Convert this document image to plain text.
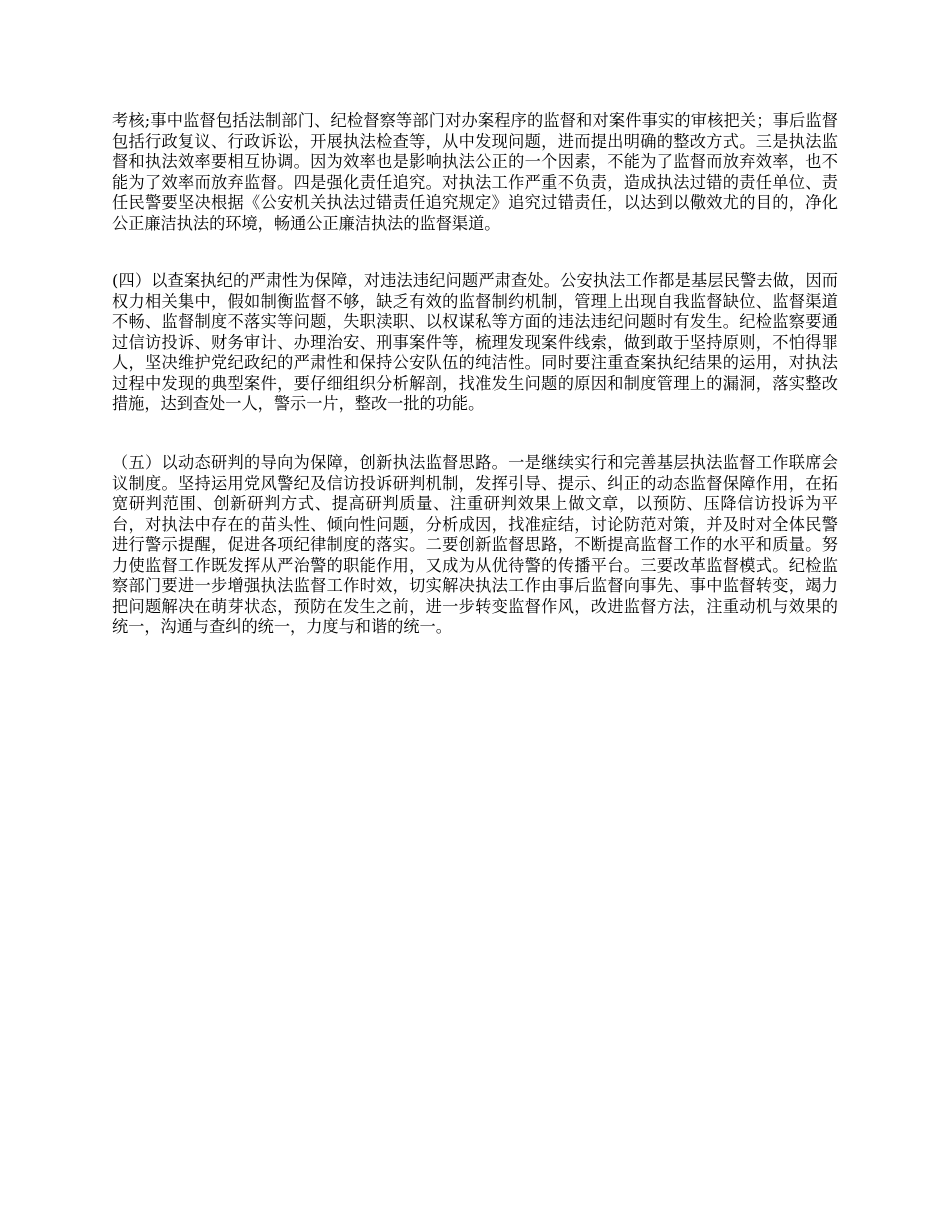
考核;事中监督包括法制部门、纪检督察等部门对办案程序的监督和对案件事实的审核把关；事后监督包括行政复议、行政诉讼，开展执法检查等，从中发现问题，进而提出明确的整改方式。三是执法监督和执法效率要相互协调。因为效率也是影响执法公正的一个因素，不能为了监督而放弃效率，也不能为了效率而放弃监督。四是强化责任追究。对执法工作严重不负责，造成执法过错的责任单位、责任民警要坚决根据《公安机关执法过错责任追究规定》追究过错责任，以达到以儆效尤的目的，净化公正廉洁执法的环境，畅通公正廉洁执法的监督渠道。

(四）以查案执纪的严肃性为保障，对违法违纪问题严肃查处。公安执法工作都是基层民警去做，因而权力相关集中，假如制衡监督不够，缺乏有效的监督制约机制，管理上出现自我监督缺位、监督渠道不畅、监督制度不落实等问题，失职渎职、以权谋私等方面的违法违纪问题时有发生。纪检监察要通过信访投诉、财务审计、办理治安、刑事案件等，梳理发现案件线索，做到敢于坚持原则，不怕得罪人，坚决维护党纪政纪的严肃性和保持公安队伍的纯洁性。同时要注重查案执纪结果的运用，对执法过程中发现的典型案件，要仔细组织分析解剖，找准发生问题的原因和制度管理上的漏洞，落实整改措施，达到查处一人，警示一片，整改一批的功能。

（五）以动态研判的导向为保障，创新执法监督思路。一是继续实行和完善基层执法监督工作联席会议制度。坚持运用党风警纪及信访投诉研判机制，发挥引导、提示、纠正的动态监督保障作用，在拓宽研判范围、创新研判方式、提高研判质量、注重研判效果上做文章，以预防、压降信访投诉为平台，对执法中存在的苗头性、倾向性问题，分析成因，找准症结，讨论防范对策，并及时对全体民警进行警示提醒，促进各项纪律制度的落实。二要创新监督思路，不断提高监督工作的水平和质量。努力使监督工作既发挥从严治警的职能作用，又成为从优待警的传播平台。三要改革监督模式。纪检监察部门要进一步增强执法监督工作时效，切实解决执法工作由事后监督向事先、事中监督转变，竭力把问题解决在萌芽状态，预防在发生之前，进一步转变监督作风，改进监督方法，注重动机与效果的统一，沟通与查纠的统一，力度与和谐的统一。
